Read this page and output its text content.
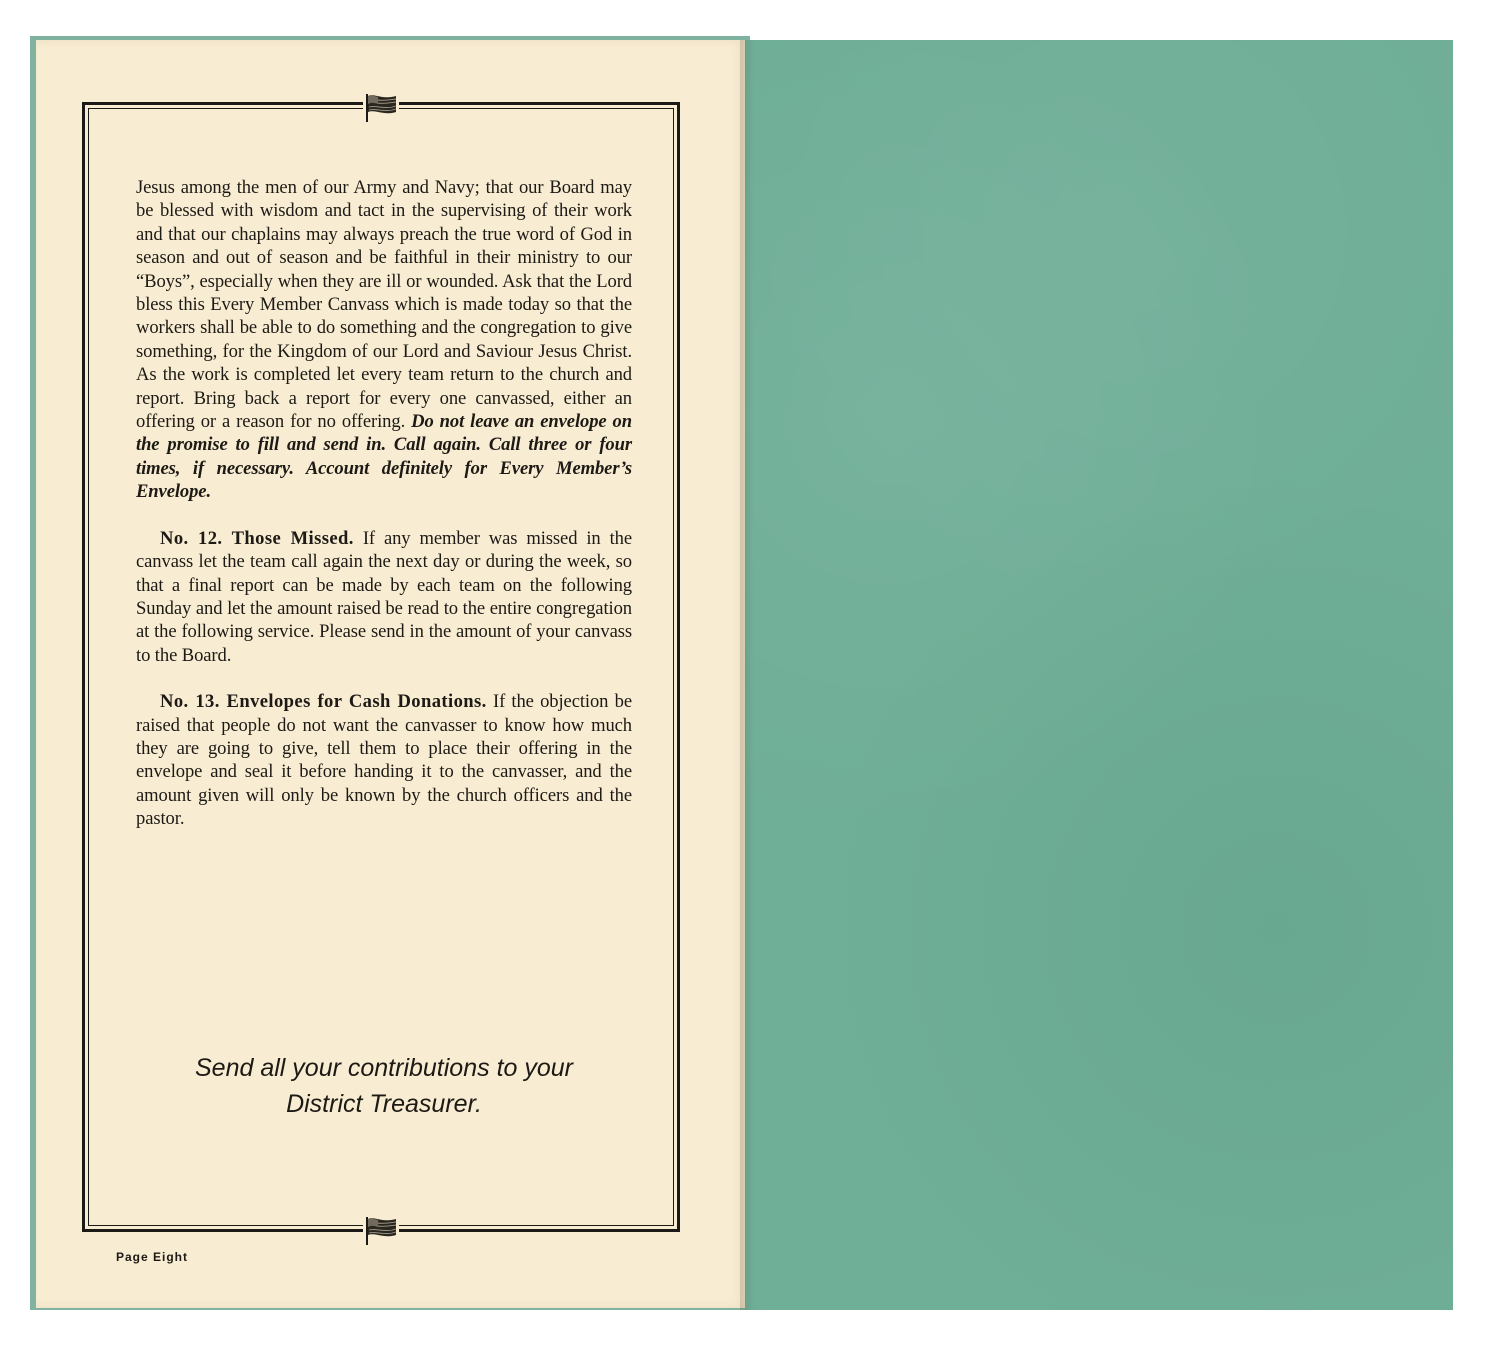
Jesus among the men of our Army and Navy; that our Board may be blessed with wisdom and tact in the supervising of their work and that our chaplains may always preach the true word of God in season and out of season and be faithful in their ministry to our “Boys”, especially when they are ill or wounded. Ask that the Lord bless this Every Member Canvass which is made today so that the workers shall be able to do something and the congregation to give something, for the Kingdom of our Lord and Saviour Jesus Christ. As the work is completed let every team return to the church and report. Bring back a report for every one canvassed, either an offering or a reason for no offering. Do not leave an envelope on the promise to fill and send in. Call again. Call three or four times, if necessary. Account definitely for Every Member’s Envelope.

No. 12. Those Missed. If any member was missed in the canvass let the team call again the next day or during the week, so that a final report can be made by each team on the following Sunday and let the amount raised be read to the entire congregation at the following service. Please send in the amount of your canvass to the Board.

No. 13. Envelopes for Cash Donations. If the objection be raised that people do not want the canvasser to know how much they are going to give, tell them to place their offering in the envelope and seal it before handing it to the canvasser, and the amount given will only be known by the church officers and the pastor.

Send all your contributions to your
District Treasurer.
Page Eight
